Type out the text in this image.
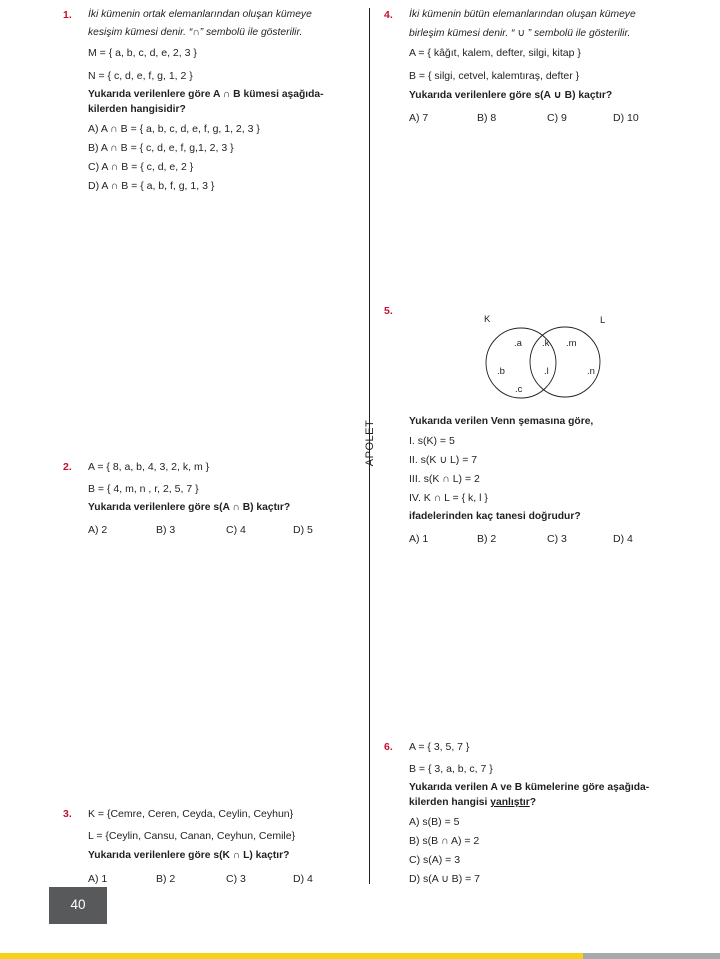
1. İki kümenin ortak elemanlarından oluşan kümeye
kesişim kümesi denir. “∩” sembolü ile gösterilir.
M = { a, b, c, d, e, 2, 3 }
N = { c, d, e, f, g, 1, 2 }
Yukarıda verilenlere göre A ∩ B kümesi aşağıda-
kilerden hangisidir?
A) A ∩ B = { a, b, c, d, e, f, g, 1, 2, 3 }
B) A ∩ B = { c, d, e, f, g,1, 2, 3 }
C) A ∩ B = { c, d, e, 2 }
D) A ∩ B = { a, b, f, g, 1, 3 }
2. A = { 8, a, b, 4, 3, 2, k, m }
B = { 4, m, n , r, 2, 5, 7 }
Yukarıda verilenlere göre s(A ∩ B) kaçtır?
A) 2	B) 3	C) 4	D) 5
3. K = {Cemre, Ceren, Ceyda, Ceylin, Ceyhun}
L = {Ceylin, Cansu, Canan, Ceyhun, Cemile}
Yukarıda verilenlere göre s(K ∩ L) kaçtır?
A) 1	B) 2	C) 3	D) 4
APOLET
4. İki kümenin bütün elemanlarından oluşan kümeye
birleşim kümesi denir. “ ∪ ” sembolü ile gösterilir.
A = { kâğıt, kalem, defter, silgi, kitap }
B = { silgi, cetvel, kalemtıraş, defter }
Yukarıda verilenlere göre s(A ∪ B) kaçtır?
A) 7	B) 8	C) 9	D) 10
5.
K	L
.a .k .m
.b	.l	.n
.c
Yukarıda verilen Venn şemasına göre,
I. s(K) = 5
II. s(K ∪ L) = 7
III. s(K ∩ L) = 2
IV. K ∩ L = { k, l }
ifadelerinden kaç tanesi doğrudur?
A) 1	B) 2	C) 3	D) 4
6. A = { 3, 5, 7 }
B = { 3, a, b, c, 7 }
Yukarıda verilen A ve B kümelerine göre aşağıda-
kilerden hangisi yanlıştır?
A) s(B) = 5
B) s(B ∩ A) = 2
C) s(A) = 3
D) s(A ∪ B) = 7
40
